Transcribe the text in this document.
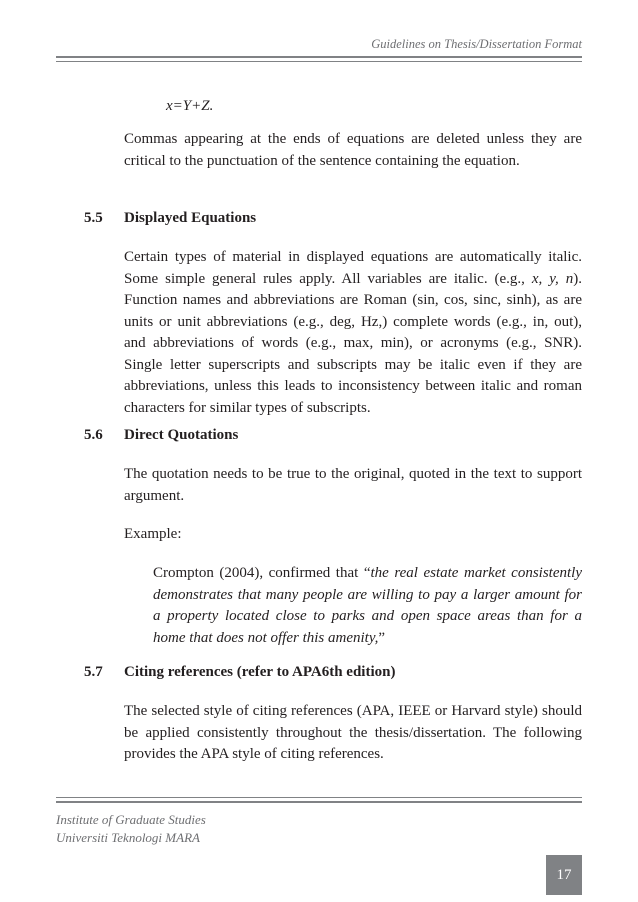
Guidelines on Thesis/Dissertation Format
x=Y+Z.
Commas appearing at the ends of equations are deleted unless they are critical to the punctuation of the sentence containing the equation.
5.5 Displayed Equations
Certain types of material in displayed equations are automatically italic. Some simple general rules apply. All variables are italic. (e.g., x, y, n). Function names and abbreviations are Roman (sin, cos, sinc, sinh), as are units or unit abbreviations (e.g., deg, Hz,) complete words (e.g., in, out), and abbreviations of words (e.g., max, min), or acronyms (e.g., SNR). Single letter superscripts and subscripts may be italic even if they are abbreviations, unless this leads to inconsistency between italic and roman characters for similar types of subscripts.
5.6 Direct Quotations
The quotation needs to be true to the original, quoted in the text to support argument.
Example:
Crompton (2004), confirmed that “the real estate market consistently demonstrates that many people are willing to pay a larger amount for a property located close to parks and open space areas than for a home that does not offer this amenity,”
5.7 Citing references (refer to APA6th edition)
The selected style of citing references (APA, IEEE or Harvard style) should be applied consistently throughout the thesis/dissertation. The following provides the APA style of citing references.
Institute of Graduate Studies
Universiti Teknologi MARA
17
